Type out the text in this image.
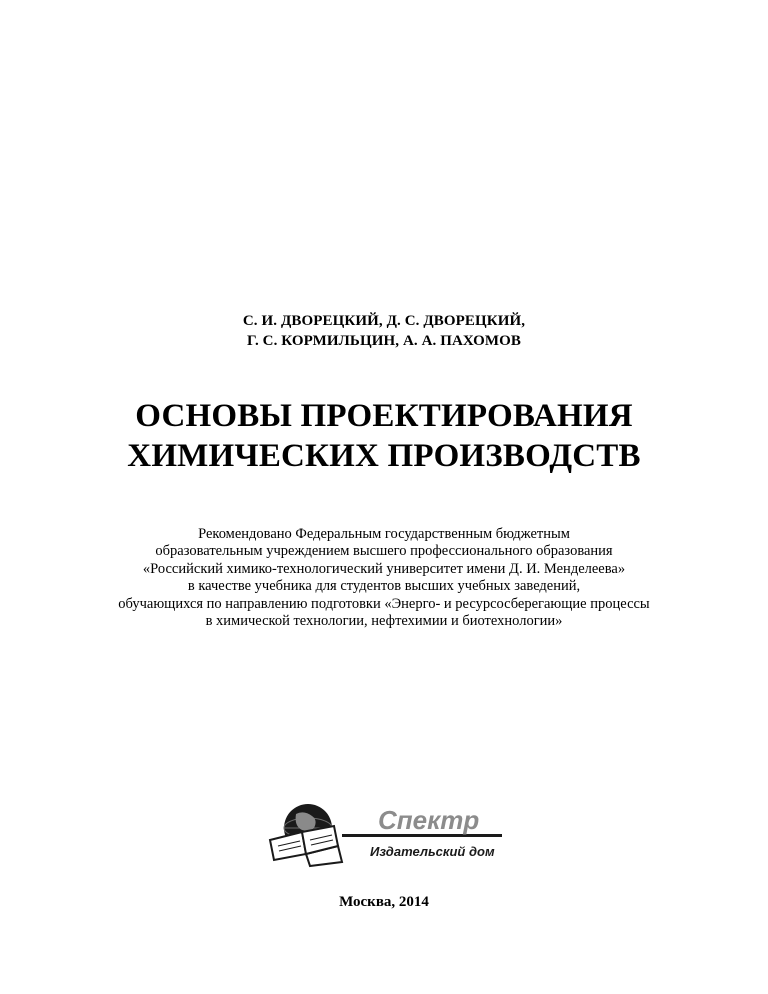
С. И. ДВОРЕЦКИЙ, Д. С. ДВОРЕЦКИЙ,
Г. С. КОРМИЛЬЦИН, А. А. ПАХОМОВ
ОСНОВЫ ПРОЕКТИРОВАНИЯ
ХИМИЧЕСКИХ ПРОИЗВОДСТВ
Рекомендовано Федеральным государственным бюджетным
образовательным учреждением высшего профессионального образования
«Российский химико-технологический университет имени Д. И. Менделеева»
в качестве учебника для студентов высших учебных заведений,
обучающихся по направлению подготовки «Энерго- и ресурсосберегающие процессы
в химической технологии, нефтехимии и биотехнологии»
Спектр
Издательский дом
Москва, 2014
